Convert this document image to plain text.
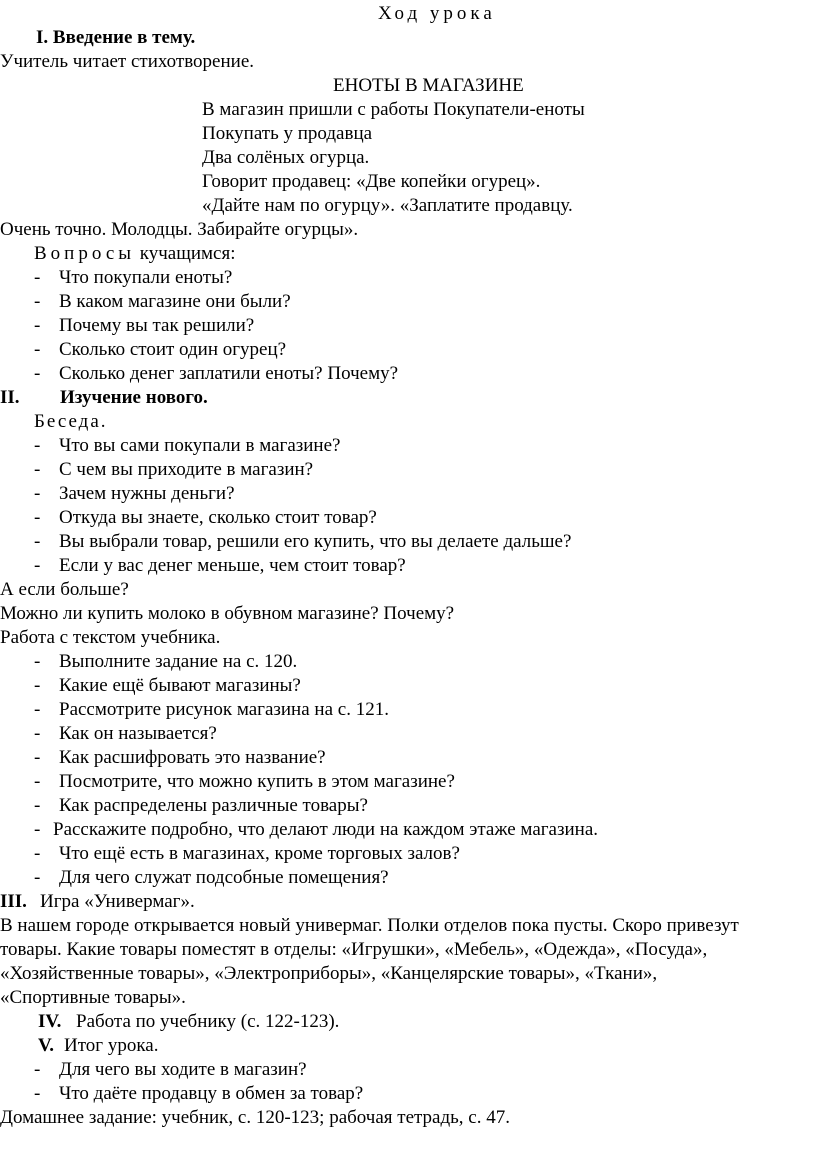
Ход урока
I. Введение в тему.
Учитель читает стихотворение.
ЕНОТЫ В МАГАЗИНЕ
В магазин пришли с работы Покупатели-еноты
Покупать у продавца
Два солёных огурца.
Говорит продавец: «Две копейки огурец».
«Дайте нам по огурцу». «Заплатите продавцу.
Очень точно. Молодцы. Забирайте огурцы».
Вопросы кучащимся:
- Что покупали еноты?
- В каком магазине они были?
- Почему вы так решили?
- Сколько стоит один огурец?
- Сколько денег заплатили еноты? Почему?
II. Изучение нового.
Беседа.
- Что вы сами покупали в магазине?
- С чем вы приходите в магазин?
- Зачем нужны деньги?
- Откуда вы знаете, сколько стоит товар?
- Вы выбрали товар, решили его купить, что вы делаете дальше?
- Если у вас денег меньше, чем стоит товар?
А если больше?
Можно ли купить молоко в обувном магазине? Почему?
Работа с текстом учебника.
- Выполните задание на с. 120.
- Какие ещё бывают магазины?
- Рассмотрите рисунок магазина на с. 121.
- Как он называется?
- Как расшифровать это название?
- Посмотрите, что можно купить в этом магазине?
- Как распределены различные товары?
- Расскажите подробно, что делают люди на каждом этаже магазина.
- Что ещё есть в магазинах, кроме торговых залов?
- Для чего служат подсобные помещения?
III. Игра «Универмаг».
В нашем городе открывается новый универмаг. Полки отделов пока пусты. Скоро привезут
товары. Какие товары поместят в отделы: «Игрушки», «Мебель», «Одежда», «Посуда»,
«Хозяйственные товары», «Электроприборы», «Канцелярские товары», «Ткани»,
«Спортивные товары».
IV. Работа по учебнику (с. 122-123).
V. Итог урока.
- Для чего вы ходите в магазин?
- Что даёте продавцу в обмен за товар?
Домашнее задание: учебник, с. 120-123; рабочая тетрадь, с. 47.
